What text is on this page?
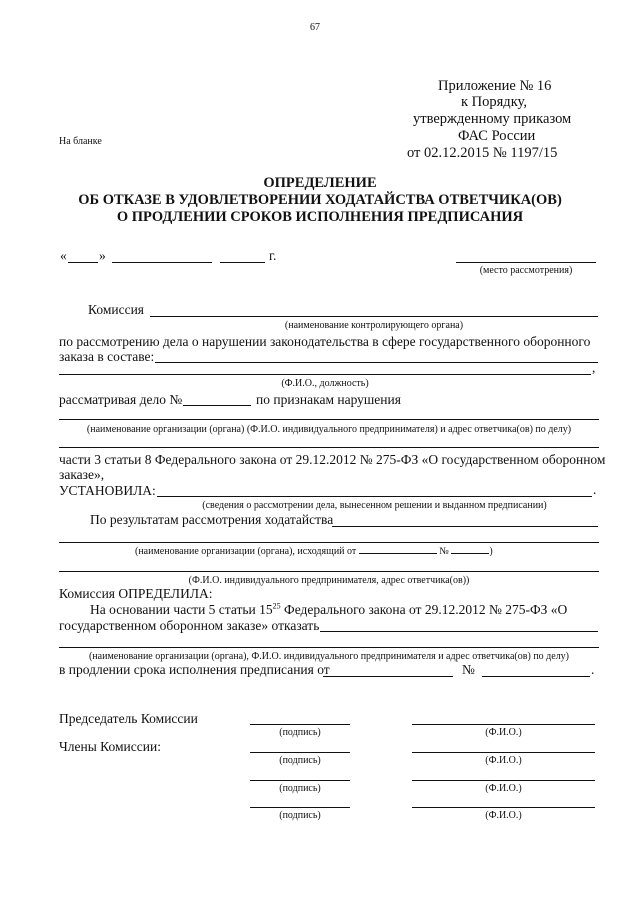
67
Приложение № 16
к Порядку,
утвержденному приказом
ФАС России
от 02.12.2015 № 1197/15
На бланке
ОПРЕДЕЛЕНИЕ
ОБ ОТКАЗЕ В УДОВЛЕТВОРЕНИИ ХОДАТАЙСТВА ОТВЕТЧИКА(ОВ)
О ПРОДЛЕНИИ СРОКОВ ИСПОЛНЕНИЯ ПРЕДПИСАНИЯ
« »	г.
(место рассмотрения)
Комиссия
(наименование контролирующего органа)
по рассмотрению дела о нарушении законодательства в сфере государственного оборонного
заказа в составе:
,
(Ф.И.О., должность)
рассматривая дело №	по признакам нарушения
(наименование организации (органа) (Ф.И.О. индивидуального предпринимателя) и адрес ответчика(ов) по делу)
части 3 статьи 8 Федерального закона от 29.12.2012 № 275-ФЗ «О государственном оборонном
заказе»,
УСТАНОВИЛА:	.
(сведения о рассмотрении дела, вынесенном решении и выданном предписании)
По результатам рассмотрения ходатайства
(наименование организации (органа), исходящий от	№	)
(Ф.И.О. индивидуального предпринимателя, адрес ответчика(ов))
Комиссия ОПРЕДЕЛИЛА:
На основании части 5 статьи $15^{25}$ Федерального закона от 29.12.2012 № 275-ФЗ «О
государственном оборонном заказе» отказать
(наименование организации (органа), Ф.И.О. индивидуального предпринимателя и адрес ответчика(ов) по делу)
в продлении срока исполнения предписания от	№	.
Председатель Комиссии
Члены Комиссии:
(подпись)	(Ф.И.О.)
(подпись)	(Ф.И.О.)
(подпись)	(Ф.И.О.)
(подпись)	(Ф.И.О.)
